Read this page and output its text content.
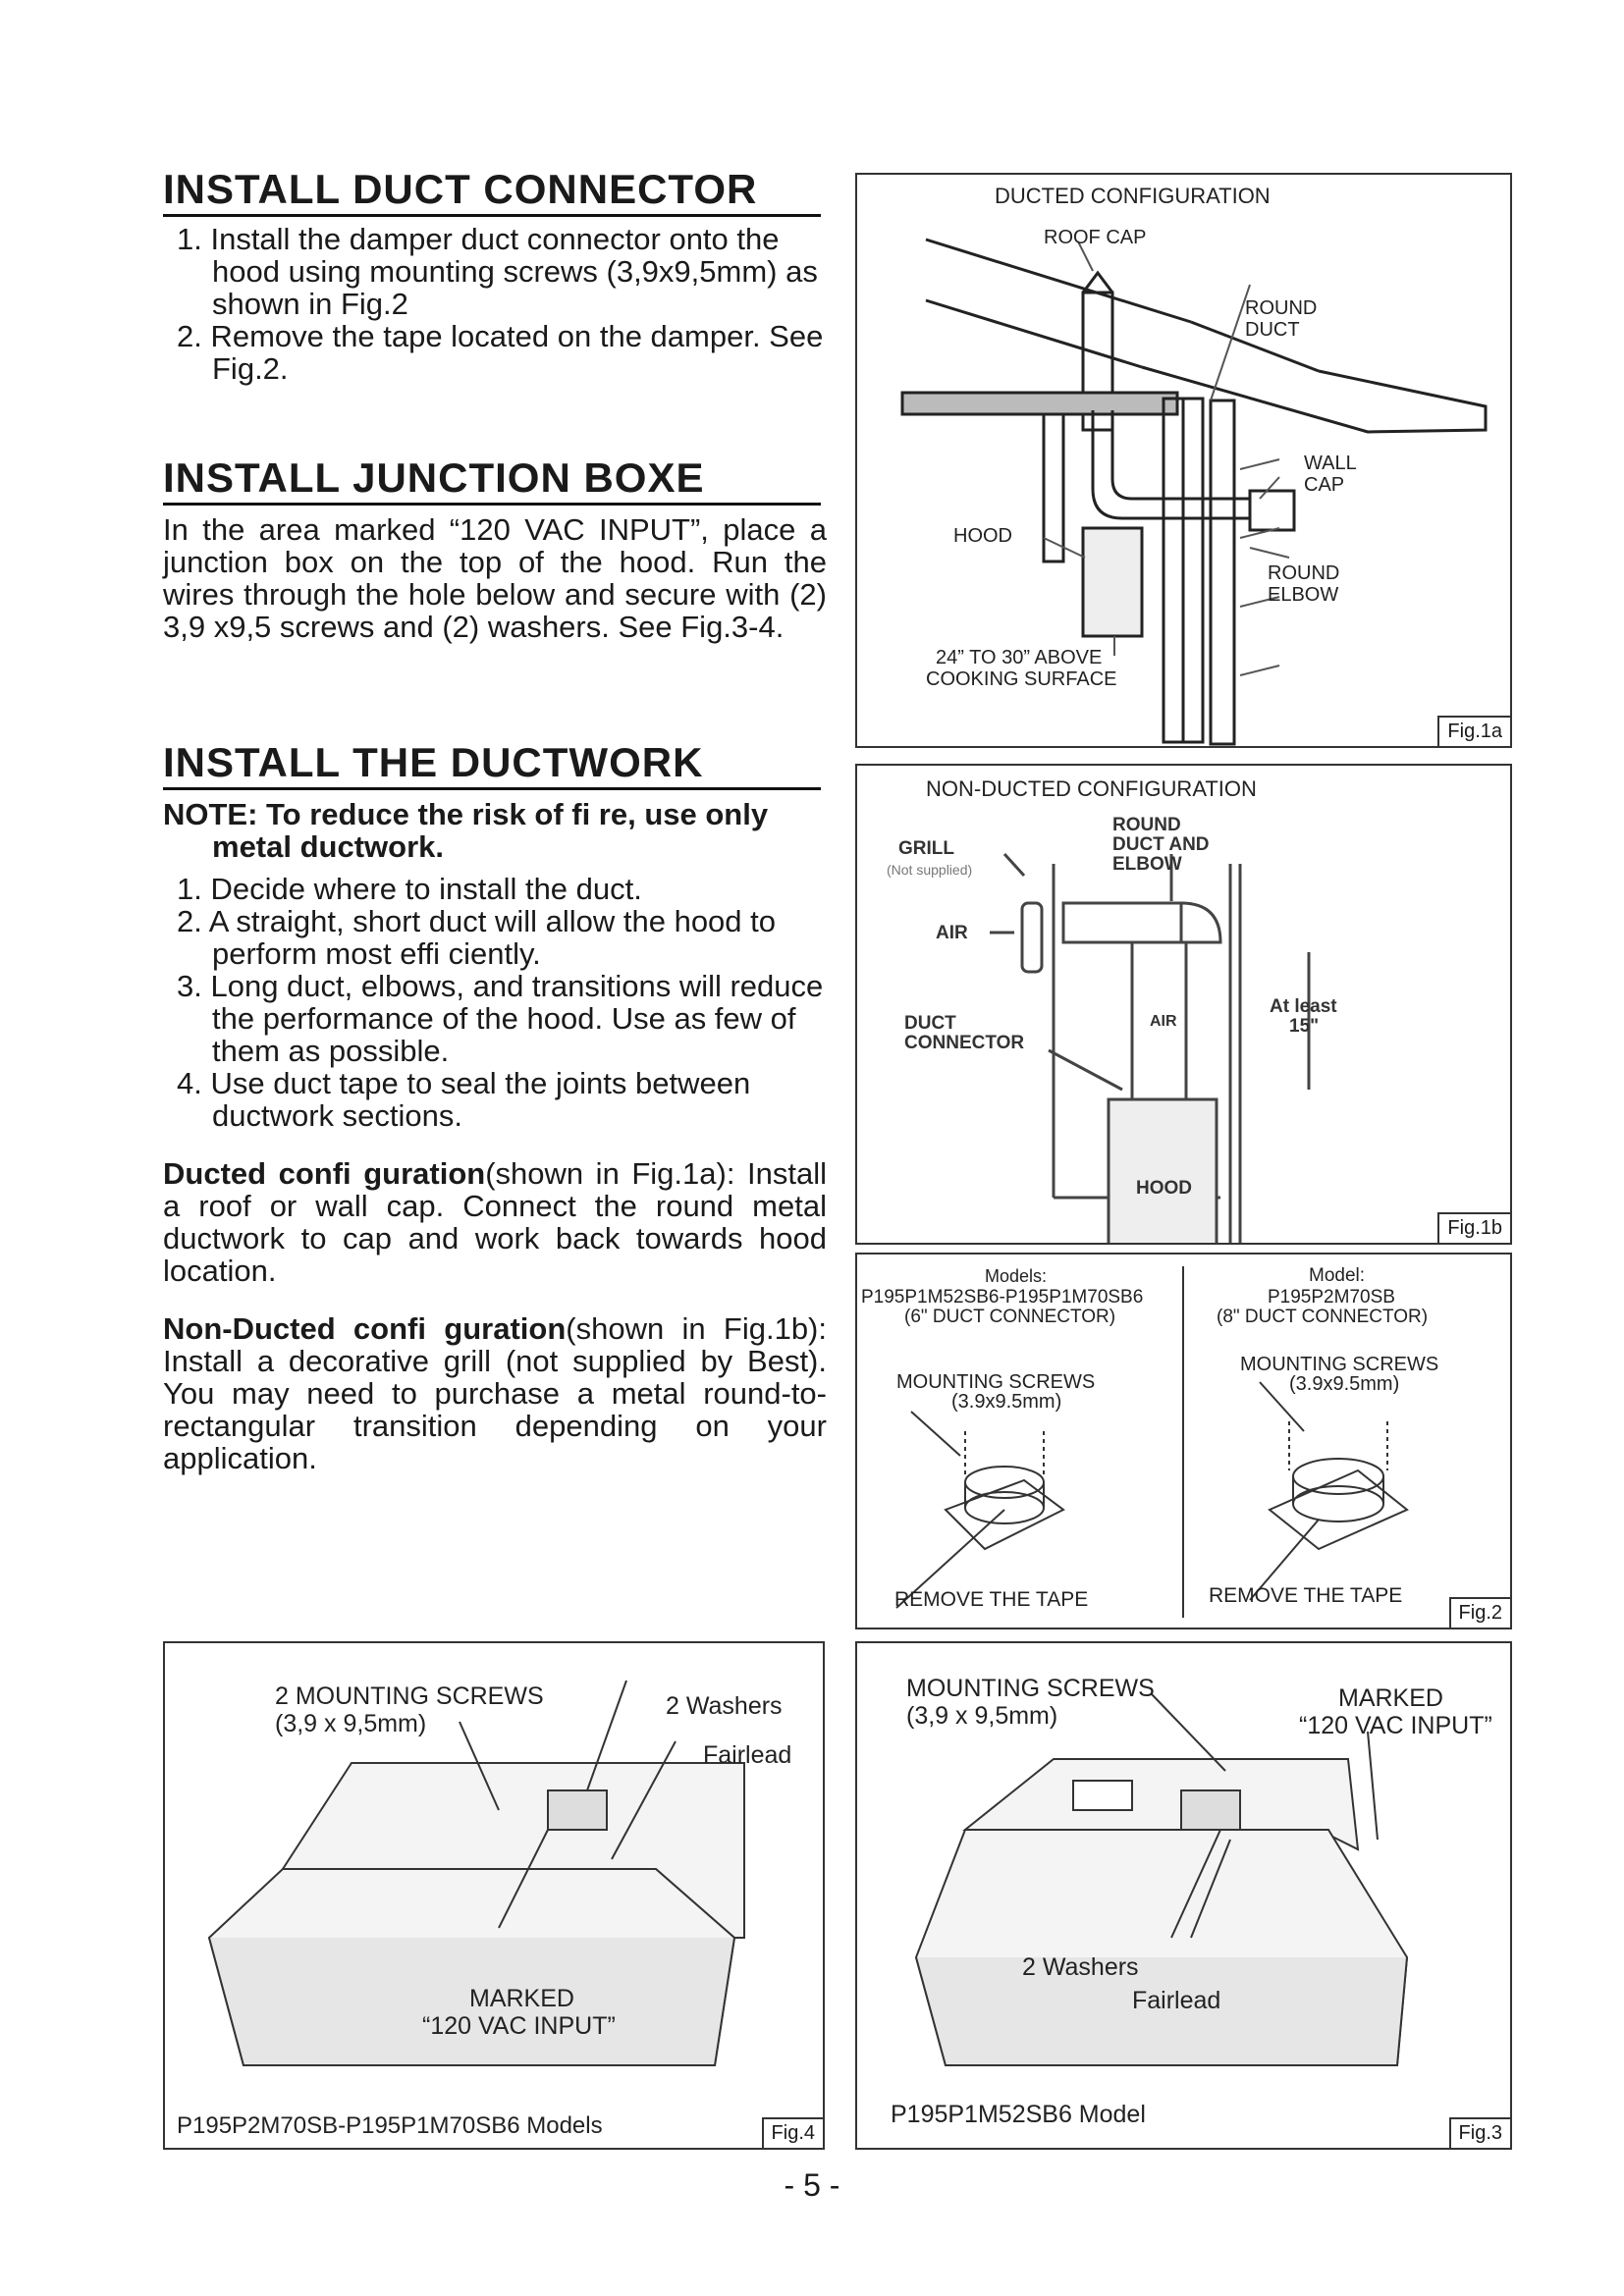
INSTALL DUCT CONNECTOR
1. Install the damper duct connector onto the hood using mounting screws (3,9x9,5mm) as shown in Fig.2
2. Remove the tape located on the damper. See Fig.2.
INSTALL JUNCTION BOXE

In the area marked “120 VAC INPUT”, place a junction box on the top of the hood. Run the wires through the hole below and secure with (2) 3,9 x9,5 screws and (2) washers. See Fig.3-4.

INSTALL THE DUCTWORK
NOTE: To reduce the risk of fi re, use only metal ductwork.
1. Decide where to install the duct.
2. A straight, short duct will allow the hood to perform most effi ciently.
3. Long duct, elbows, and transitions will reduce the performance of the hood. Use as few of them as possible.
4. Use duct tape to seal the joints between ductwork sections.

Ducted confi guration(shown in Fig.1a): Install a roof or wall cap. Connect the round metal ductwork to cap and work back towards hood location.

Non-Ducted confi guration(shown in Fig.1b): Install a decorative grill (not supplied by Best). You may need to purchase a metal round-to-rectangular transition depending on your application.

DUCTED CONFIGURATION
ROOF CAP
ROUND
DUCT
WALL
CAP
HOOD
ROUND
ELBOW
24” TO 30” ABOVE
COOKING SURFACE
Fig.1a
NON-DUCTED CONFIGURATION
GRILL
(Not supplied)
ROUND
DUCT AND
ELBOW
AIR
AIR
DUCT
CONNECTOR
At least
15"
HOOD
Fig.1b
Models:
P195P1M52SB6-P195P1M70SB6
(6" DUCT CONNECTOR)
MOUNTING SCREWS
(3.9x9.5mm)
REMOVE THE TAPE
Model:
P195P2M70SB
(8" DUCT CONNECTOR)
MOUNTING SCREWS
(3.9x9.5mm)
REMOVE THE TAPE
Fig.2
2 MOUNTING SCREWS
(3,9 x 9,5mm)
2 Washers
Fairlead
MARKED
“120 VAC INPUT”
P195P2M70SB-P195P1M70SB6 Models	Fig.4
MOUNTING SCREWS
(3,9 x 9,5mm)
MARKED
“120 VAC INPUT”
2 Washers
Fairlead
P195P1M52SB6 Model
Fig.3
- 5 -
